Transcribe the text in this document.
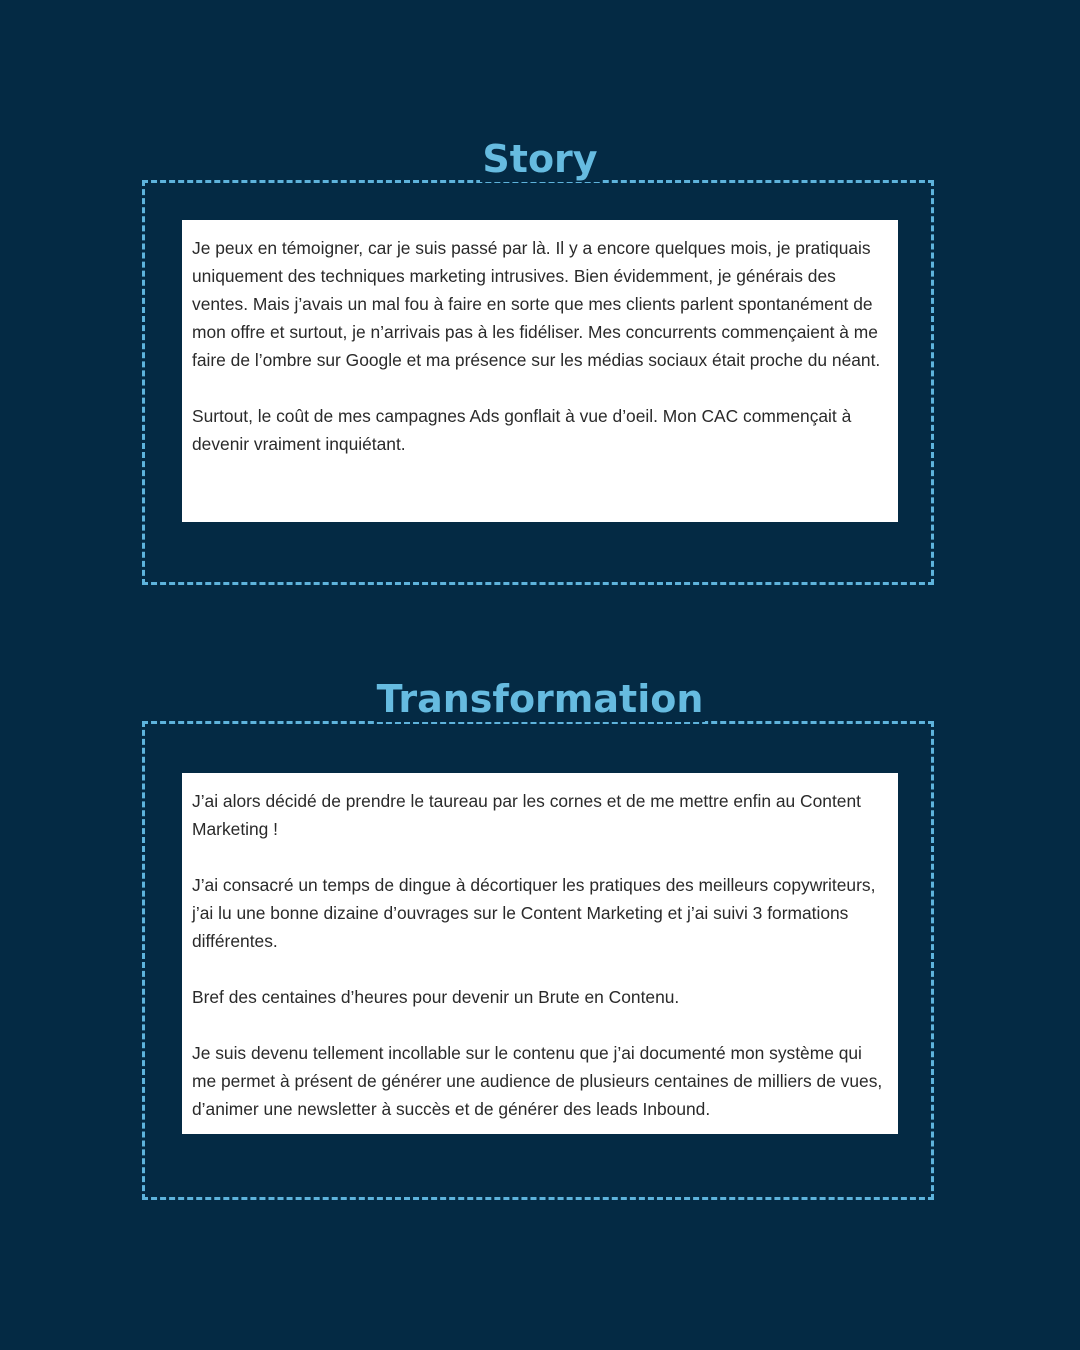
Story

Je peux en témoigner, car je suis passé par là. Il y a encore quelques mois, je pratiquais uniquement des techniques marketing intrusives. Bien évidemment, je générais des ventes. Mais j’avais un mal fou à faire en sorte que mes clients parlent spontanément de mon offre et surtout, je n’arrivais pas à les fidéliser. Mes concurrents commençaient à me faire de l’ombre sur Google et ma présence sur les médias sociaux était proche du néant.

Surtout, le coût de mes campagnes Ads gonflait à vue d’oeil. Mon CAC commençait à devenir vraiment inquiétant.

Transformation

J’ai alors décidé de prendre le taureau par les cornes et de me mettre enfin au Content Marketing !

J’ai consacré un temps de dingue à décortiquer les pratiques des meilleurs copywriteurs, j’ai lu une bonne dizaine d’ouvrages sur le Content Marketing et j’ai suivi 3 formations différentes.

Bref des centaines d’heures pour devenir un Brute en Contenu.

Je suis devenu tellement incollable sur le contenu que j’ai documenté mon système qui me permet à présent de générer une audience de plusieurs centaines de milliers de vues, d’animer une newsletter à succès et de générer des leads Inbound.
